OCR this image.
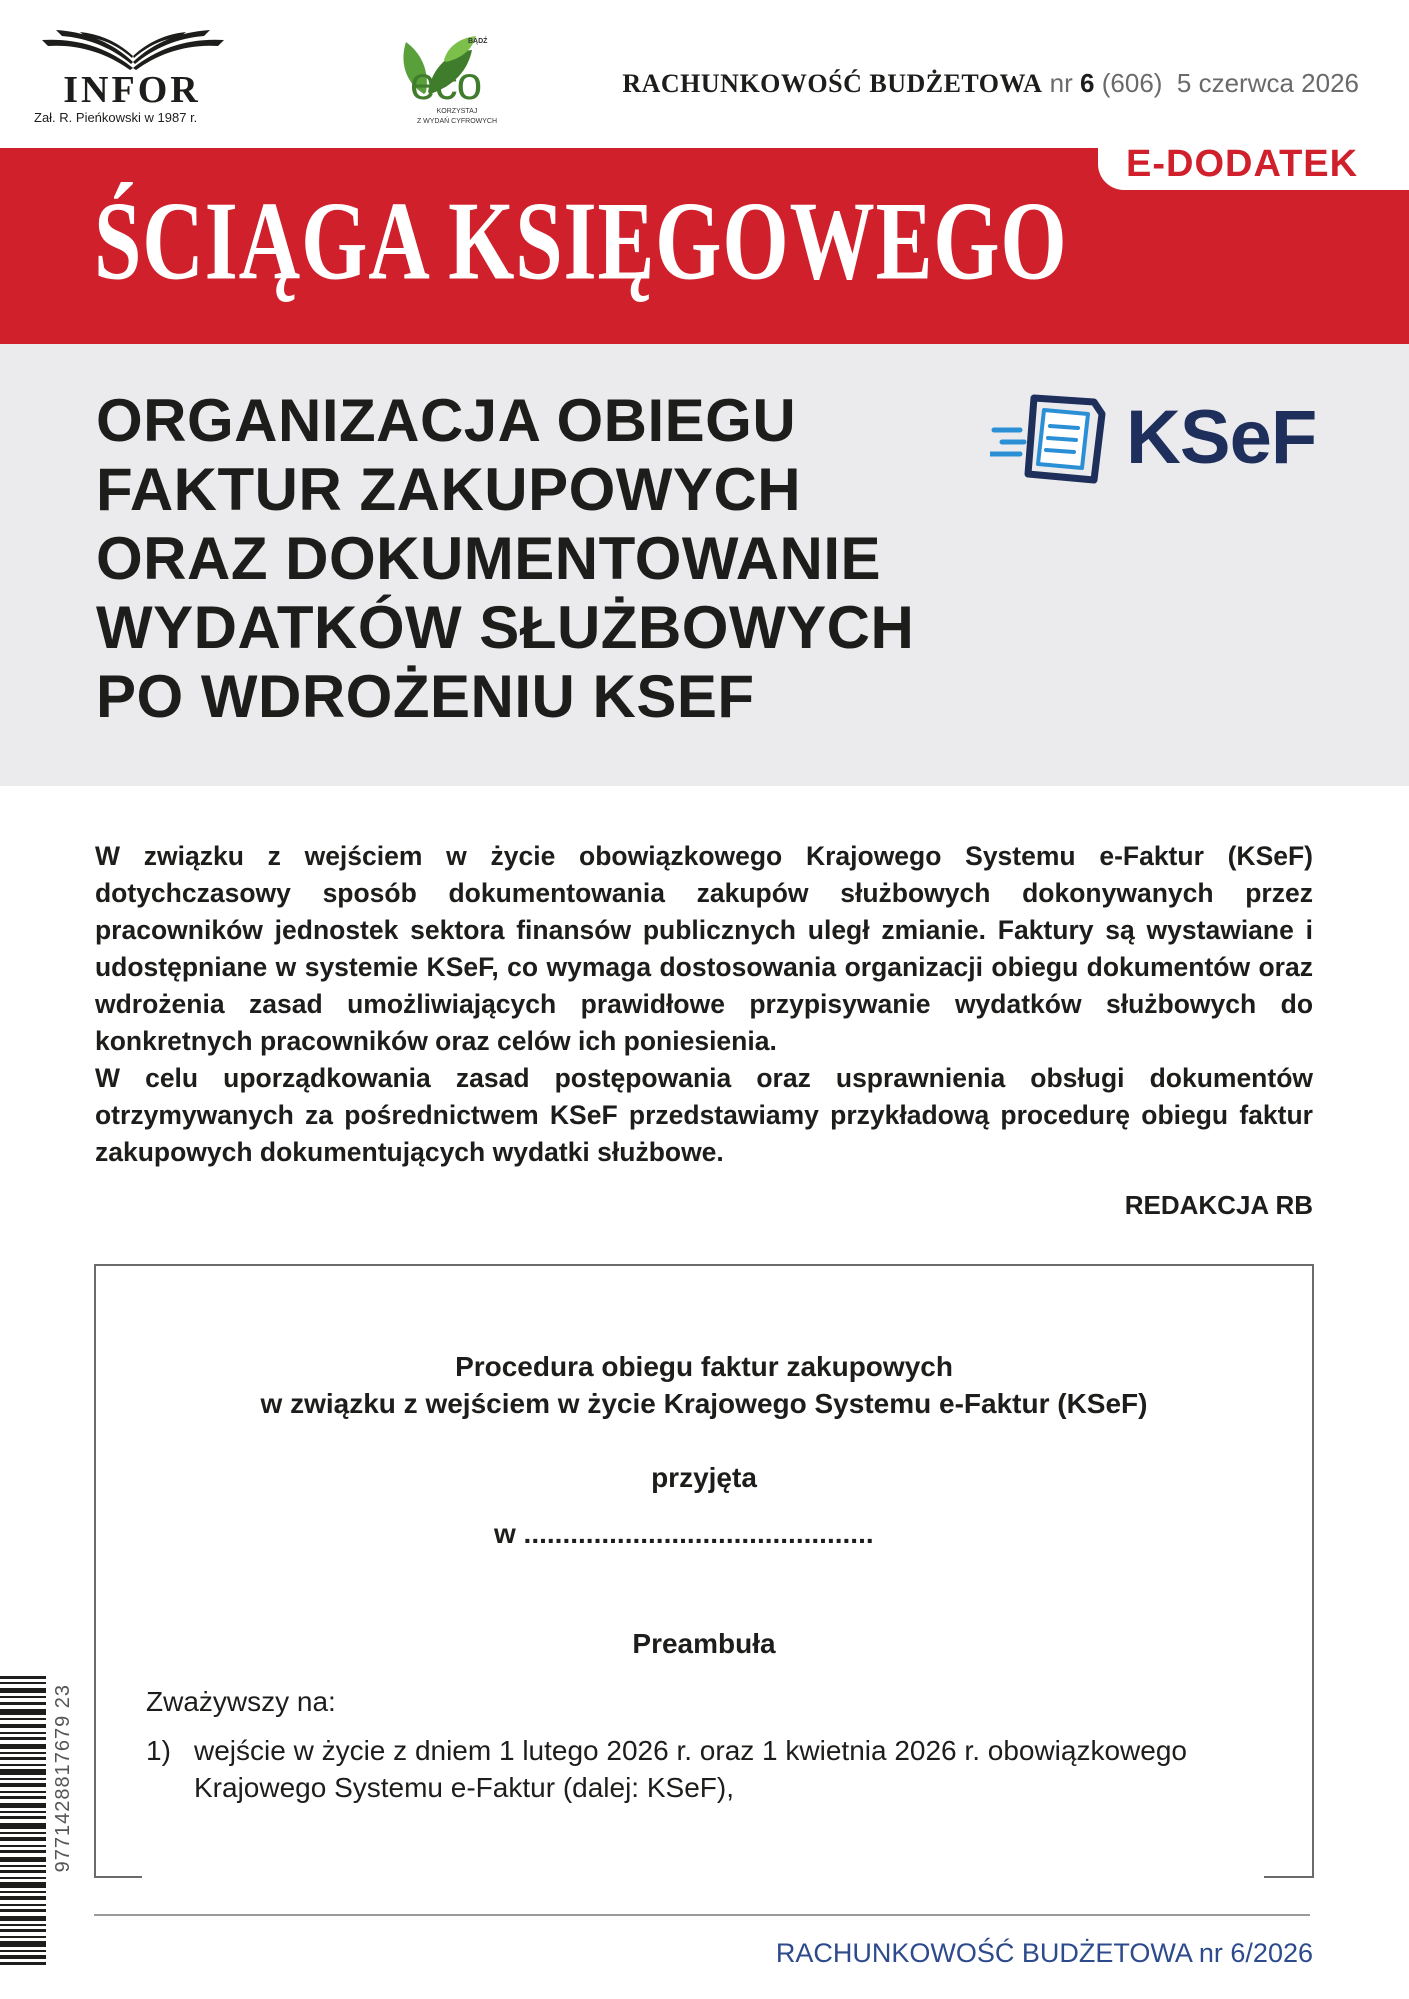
INFOR
Zał. R. Pieńkowski w 1987 r.
BĄDŹ
eco
KORZYSTAJ
Z WYDAŃ CYFROWYCH
RACHUNKOWOŚĆ BUDŻETOWA nr 6 (606) 5 czerwca 2026
ŚCIĄGA KSIĘGOWEGO
E-DODATEK
ORGANIZACJA OBIEGU
FAKTUR ZAKUPOWYCH
ORAZ DOKUMENTOWANIE
WYDATKÓW SŁUŻBOWYCH
PO WDROŻENIU KSEF
KSeF

W związku z wejściem w życie obowiązkowego Krajowego Systemu e-Faktur (KSeF) dotychczasowy sposób dokumentowania zakupów służbowych dokonywanych przez pracowników jednostek sektora finansów publicznych uległ zmianie. Faktury są wystawiane i udostępniane w systemie KSeF, co wymaga dostosowania organizacji obiegu dokumentów oraz wdrożenia zasad umożliwiających prawidłowe przypisywanie wydatków służbowych do konkretnych pracowników oraz celów ich poniesienia.

W celu uporządkowania zasad postępowania oraz usprawnienia obsługi dokumentów otrzymywanych za pośrednictwem KSeF przedstawiamy przykładową procedurę obiegu faktur zakupowych dokumentujących wydatki służbowe.

REDAKCJA RB
Procedura obiegu faktur zakupowych
w związku z wejściem w życie Krajowego Systemu e-Faktur (KSeF)
przyjęta
w .............................................
Preambuła
Zważywszy na:
1) wejście w życie z dniem 1 lutego 2026 r. oraz 1 kwietnia 2026 r. obowiązkowego Krajowego Systemu e-Faktur (dalej: KSeF),
9771428817679 23
RACHUNKOWOŚĆ BUDŻETOWA nr 6/2026
